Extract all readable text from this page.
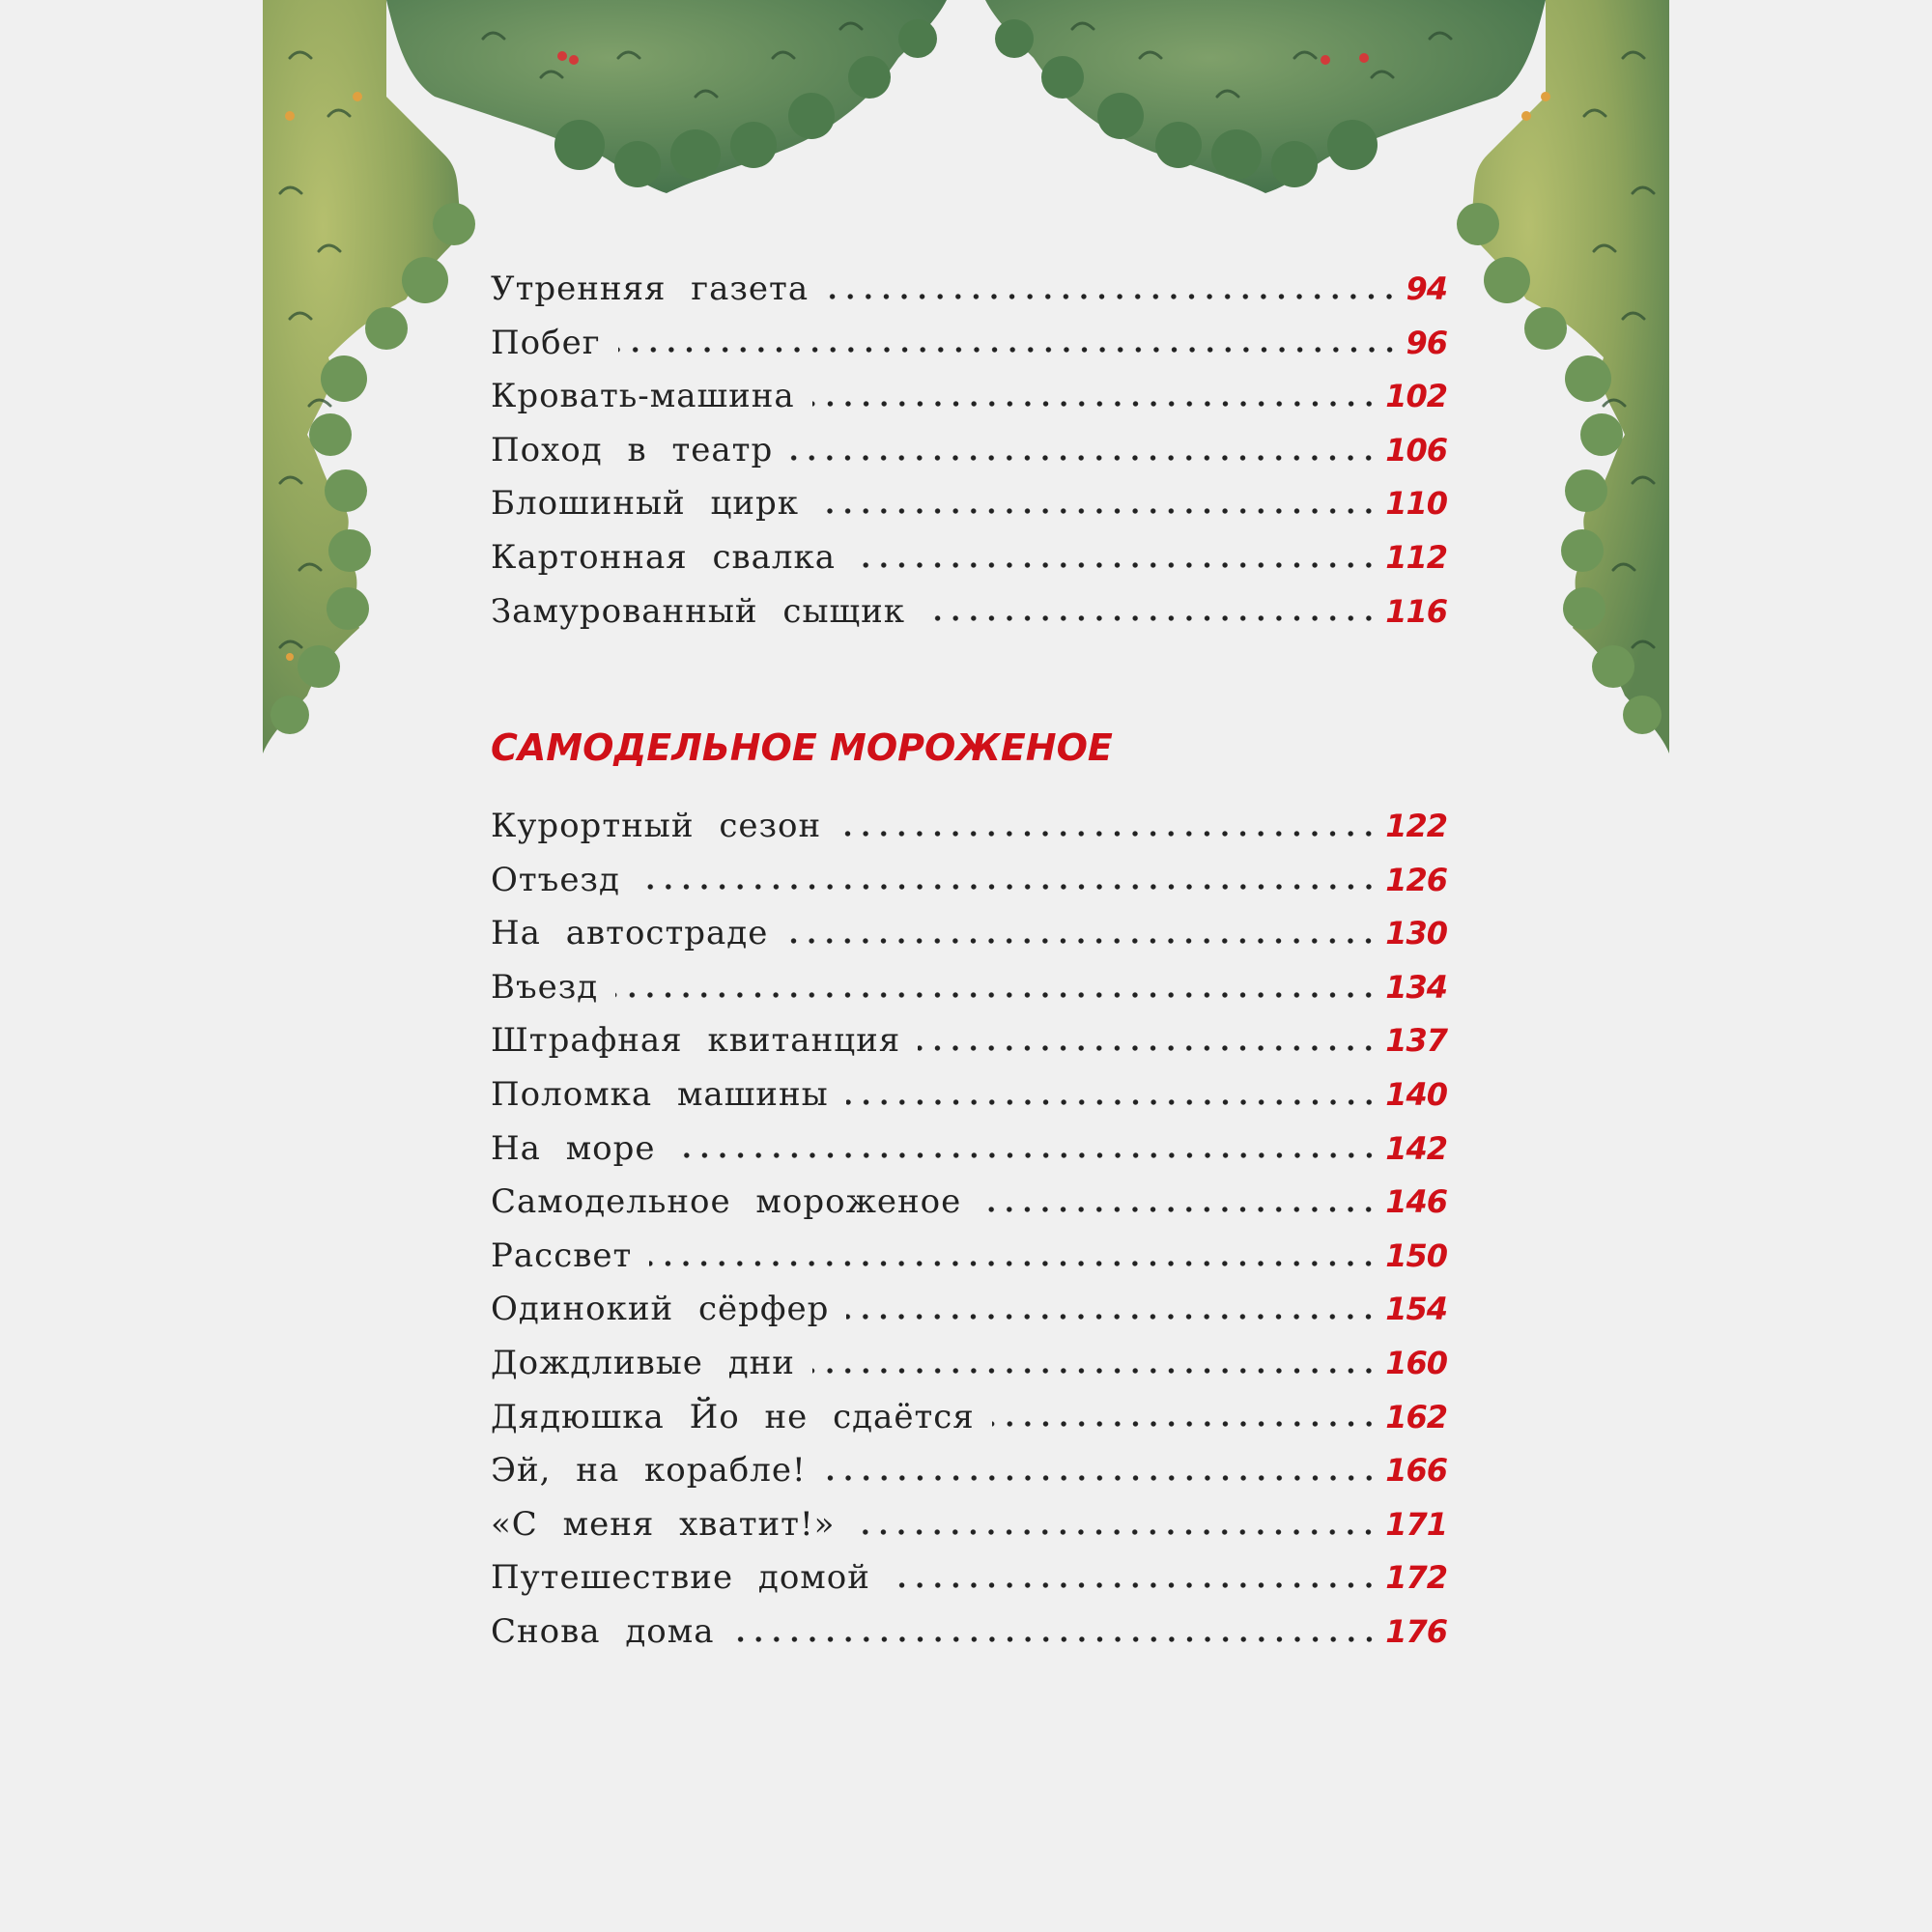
Утренняя газета	94
Побег	96
Кровать-машина	102
Поход в театр	106
Блошиный цирк	110
Картонная свалка	112
Замурованный сыщик	116
САМОДЕЛЬНОЕ МОРОЖЕНОЕ
Курортный сезон	122
Отъезд	126
На автостраде	130
Въезд	134
Штрафная квитанция	137
Поломка машины	140
На море	142
Самодельное мороженое	146
Рассвет	150
Одинокий сёрфер	154
Дождливые дни	160
Дядюшка Йо не сдаётся	162
Эй, на корабле!	166
«С меня хватит!»	171
Путешествие домой	172
Снова дома	176
